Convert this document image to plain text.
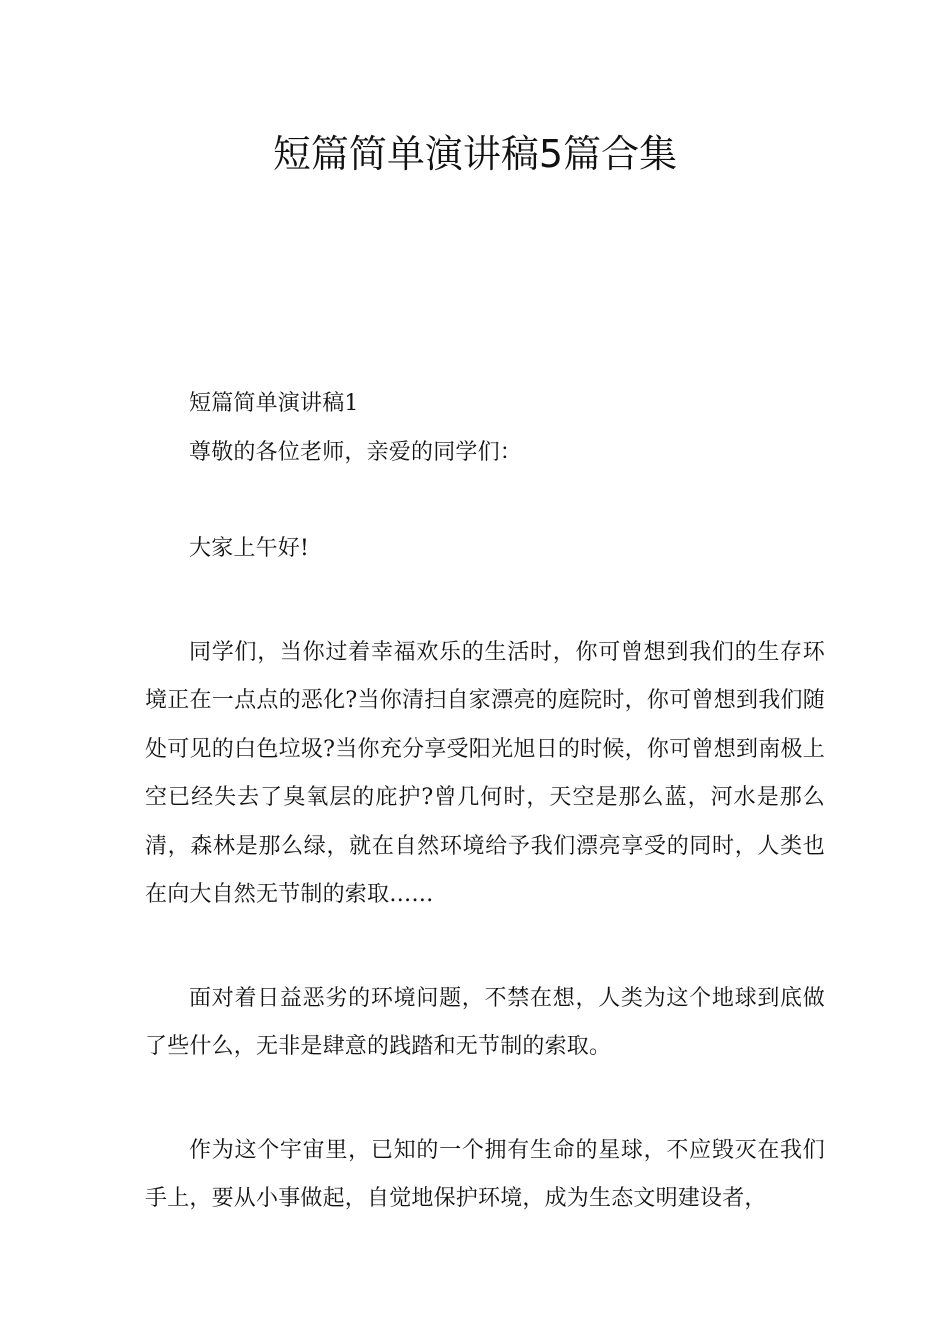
短篇简单演讲稿5篇合集

短篇简单演讲稿1

尊敬的各位老师，亲爱的同学们：

大家上午好!

同学们，当你过着幸福欢乐的生活时，你可曾想到我们的生存环境正在一点点的恶化?当你清扫自家漂亮的庭院时，你可曾想到我们随处可见的白色垃圾?当你充分享受阳光旭日的时候，你可曾想到南极上空已经失去了臭氧层的庇护?曾几何时，天空是那么蓝，河水是那么清，森林是那么绿，就在自然环境给予我们漂亮享受的同时，人类也在向大自然无节制的索取……

面对着日益恶劣的环境问题，不禁在想，人类为这个地球到底做了些什么，无非是肆意的践踏和无节制的索取。

作为这个宇宙里，已知的一个拥有生命的星球，不应毁灭在我们手上，要从小事做起，自觉地保护环境，成为生态文明建设者，
